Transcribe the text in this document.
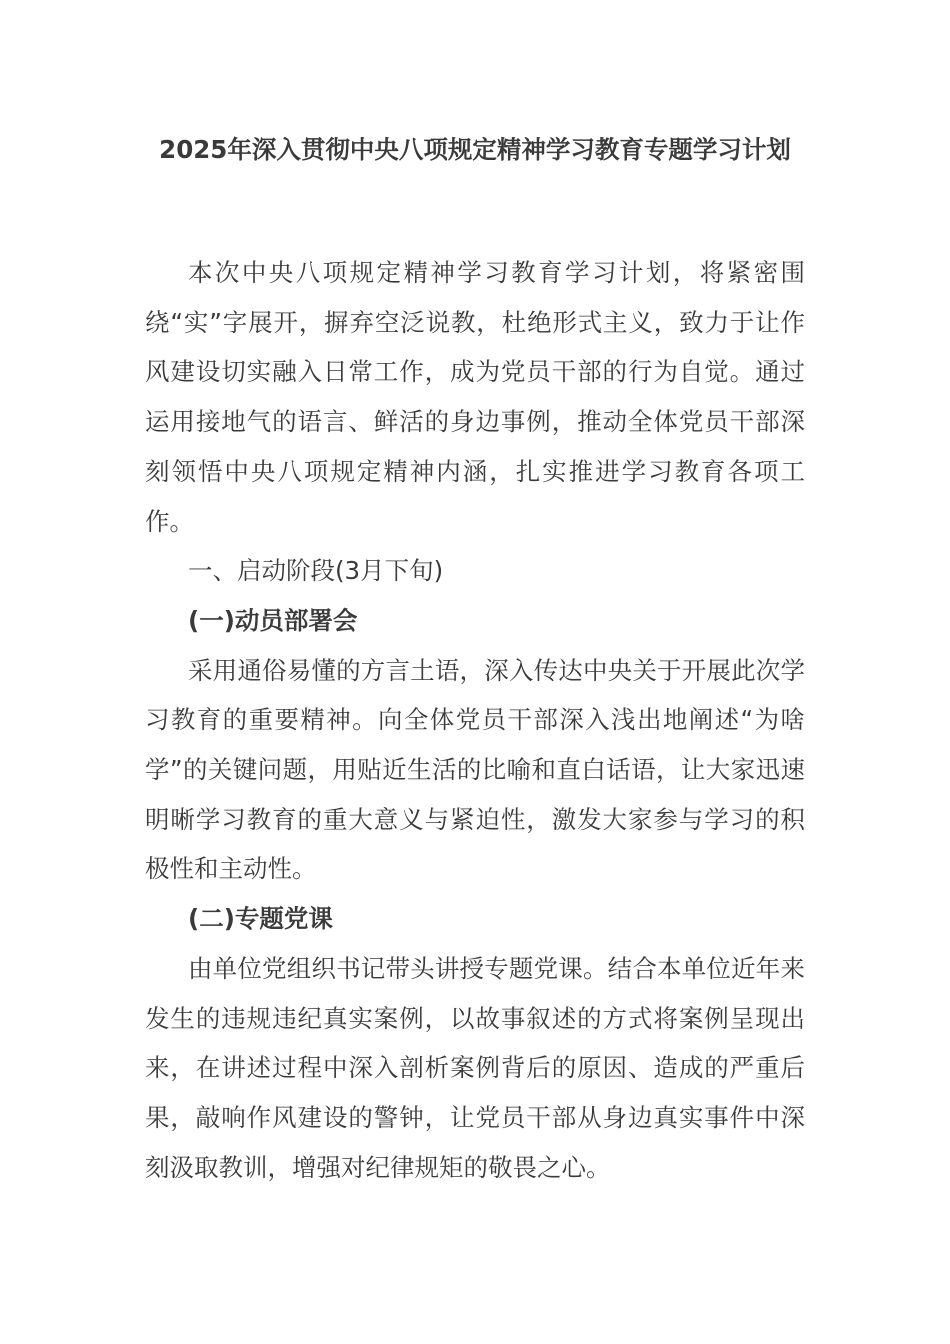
2025年深入贯彻中央八项规定精神学习教育专题学习计划

本次中央八项规定精神学习教育学习计划，将紧密围绕“实”字展开，摒弃空泛说教，杜绝形式主义，致力于让作风建设切实融入日常工作，成为党员干部的行为自觉。通过运用接地气的语言、鲜活的身边事例，推动全体党员干部深刻领悟中央八项规定精神内涵，扎实推进学习教育各项工作。

一、启动阶段(3月下旬)

(一)动员部署会

采用通俗易懂的方言土语，深入传达中央关于开展此次学习教育的重要精神。向全体党员干部深入浅出地阐述“为啥学”的关键问题，用贴近生活的比喻和直白话语，让大家迅速明晰学习教育的重大意义与紧迫性，激发大家参与学习的积极性和主动性。

(二)专题党课

由单位党组织书记带头讲授专题党课。结合本单位近年来发生的违规违纪真实案例，以故事叙述的方式将案例呈现出来，在讲述过程中深入剖析案例背后的原因、造成的严重后果，敲响作风建设的警钟，让党员干部从身边真实事件中深刻汲取教训，增强对纪律规矩的敬畏之心。
